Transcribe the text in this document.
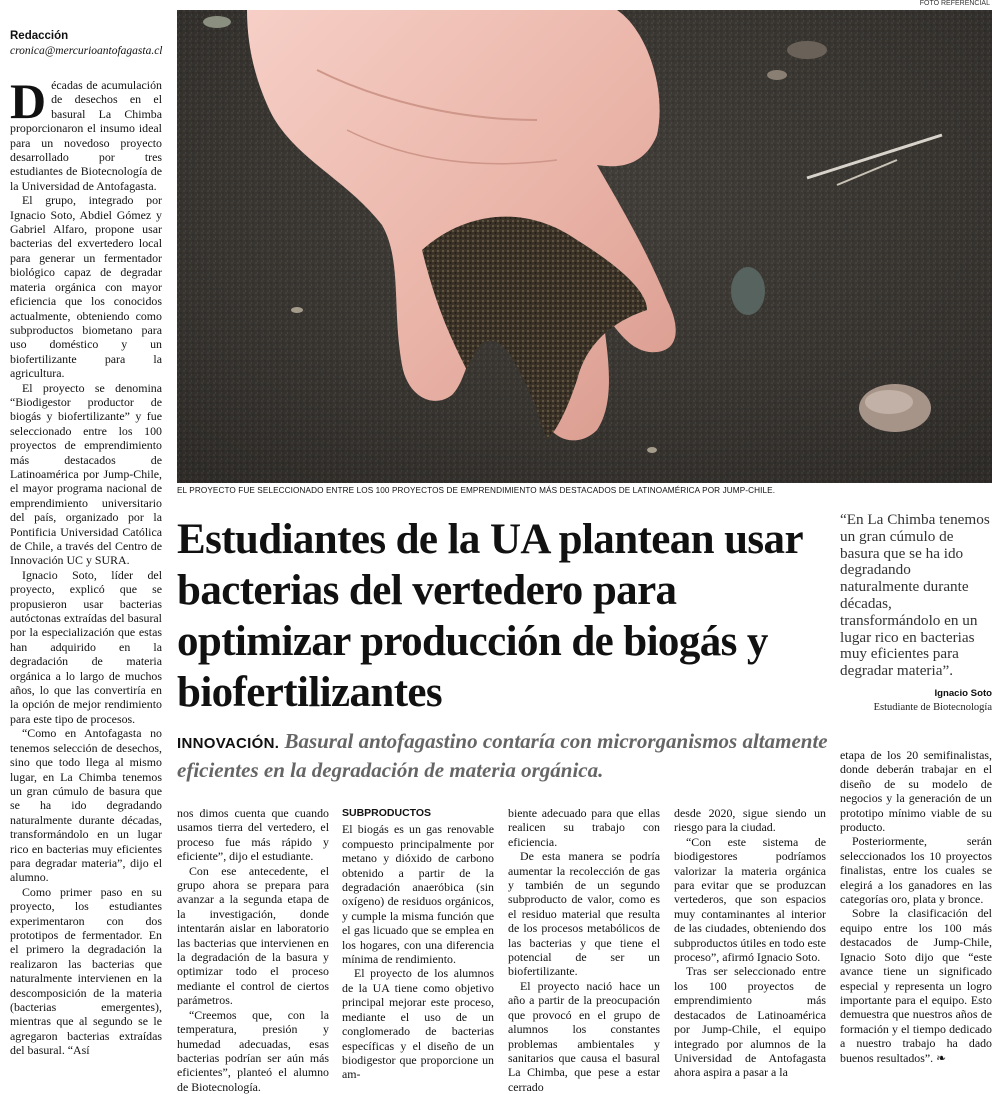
Redacción
cronica@mercurioantofagasta.cl

Décadas de acumulación de desechos en el basural La Chimba proporcionaron el insumo ideal para un novedoso proyecto desarrollado por tres estudiantes de Biotecnología de la Universidad de Antofagasta.

El grupo, integrado por Ignacio Soto, Abdiel Gómez y Gabriel Alfaro, propone usar bacterias del exvertedero local para generar un fermentador biológico capaz de degradar materia orgánica con mayor eficiencia que los conocidos actualmente, obteniendo como subproductos biometano para uso doméstico y un biofertilizante para la agricultura.

El proyecto se denomina “Biodigestor productor de biogás y biofertilizante” y fue seleccionado entre los 100 proyectos de emprendimiento más destacados de Latinoamérica por Jump-Chile, el mayor programa nacional de emprendimiento universitario del país, organizado por la Pontificia Universidad Católica de Chile, a través del Centro de Innovación UC y SURA.

Ignacio Soto, líder del proyecto, explicó que se propusieron usar bacterias autóctonas extraídas del basural por la especialización que estas han adquirido en la degradación de materia orgánica a lo largo de muchos años, lo que las convertiría en la opción de mejor rendimiento para este tipo de procesos.

“Como en Antofagasta no tenemos selección de desechos, sino que todo llega al mismo lugar, en La Chimba tenemos un gran cúmulo de basura que se ha ido degradando naturalmente durante décadas, transformándolo en un lugar rico en bacterias muy eficientes para degradar materia”, dijo el alumno.

Como primer paso en su proyecto, los estudiantes experimentaron con dos prototipos de fermentador. En el primero la degradación la realizaron las bacterias que naturalmente intervienen en la descomposición de la materia (bacterias emergentes), mientras que al segundo se le agregaron bacterias extraídas del basural. “Así

FOTO REFERENCIAL
EL PROYECTO FUE SELECCIONADO ENTRE LOS 100 PROYECTOS DE EMPRENDIMIENTO MÁS DESTACADOS DE LATINOAMÉRICA POR JUMP-CHILE.
Estudiantes de la UA plantean usar bacterias del vertedero para optimizar producción de biogás y biofertilizantes
“En La Chimba tenemos un gran cúmulo de basura que se ha ido degradando naturalmente durante décadas, transformándolo en un lugar rico en bacterias muy eficientes para degradar materia”.
Ignacio Soto
Estudiante de Biotecnología
INNOVACIÓN. Basural antofagastino contaría con microrganismos altamente eficientes en la degradación de materia orgánica.

nos dimos cuenta que cuando usamos tierra del vertedero, el proceso fue más rápido y eficiente”, dijo el estudiante.

Con ese antecedente, el grupo ahora se prepara para avanzar a la segunda etapa de la investigación, donde intentarán aislar en laboratorio las bacterias que intervienen en la degradación de la basura y optimizar todo el proceso mediante el control de ciertos parámetros.

“Creemos que, con la temperatura, presión y humedad adecuadas, esas bacterias podrían ser aún más eficientes”, planteó el alumno de Biotecnología.

SUBPRODUCTOS

El biogás es un gas renovable compuesto principalmente por metano y dióxido de carbono obtenido a partir de la degradación anaeróbica (sin oxígeno) de residuos orgánicos, y cumple la misma función que el gas licuado que se emplea en los hogares, con una diferencia mínima de rendimiento.

El proyecto de los alumnos de la UA tiene como objetivo principal mejorar este proceso, mediante el uso de un conglomerado de bacterias específicas y el diseño de un biodigestor que proporcione un am-

biente adecuado para que ellas realicen su trabajo con eficiencia.

De esta manera se podría aumentar la recolección de gas y también de un segundo subproducto de valor, como es el residuo material que resulta de los procesos metabólicos de las bacterias y que tiene el potencial de ser un biofertilizante.

El proyecto nació hace un año a partir de la preocupación que provocó en el grupo de alumnos los constantes problemas ambientales y sanitarios que causa el basural La Chimba, que pese a estar cerrado

desde 2020, sigue siendo un riesgo para la ciudad.

“Con este sistema de biodigestores podríamos valorizar la materia orgánica para evitar que se produzcan vertederos, que son espacios muy contaminantes al interior de las ciudades, obteniendo dos subproductos útiles en todo este proceso”, afirmó Ignacio Soto.

Tras ser seleccionado entre los 100 proyectos de emprendimiento más destacados de Latinoamérica por Jump-Chile, el equipo integrado por alumnos de la Universidad de Antofagasta ahora aspira a pasar a la

etapa de los 20 semifinalistas, donde deberán trabajar en el diseño de su modelo de negocios y la generación de un prototipo mínimo viable de su producto.

Posteriormente, serán seleccionados los 10 proyectos finalistas, entre los cuales se elegirá a los ganadores en las categorías oro, plata y bronce.

Sobre la clasificación del equipo entre los 100 más destacados de Jump-Chile, Ignacio Soto dijo que “este avance tiene un significado especial y representa un logro importante para el equipo. Esto demuestra que nuestros años de formación y el tiempo dedicado a nuestro trabajo ha dado buenos resultados”. ❧
